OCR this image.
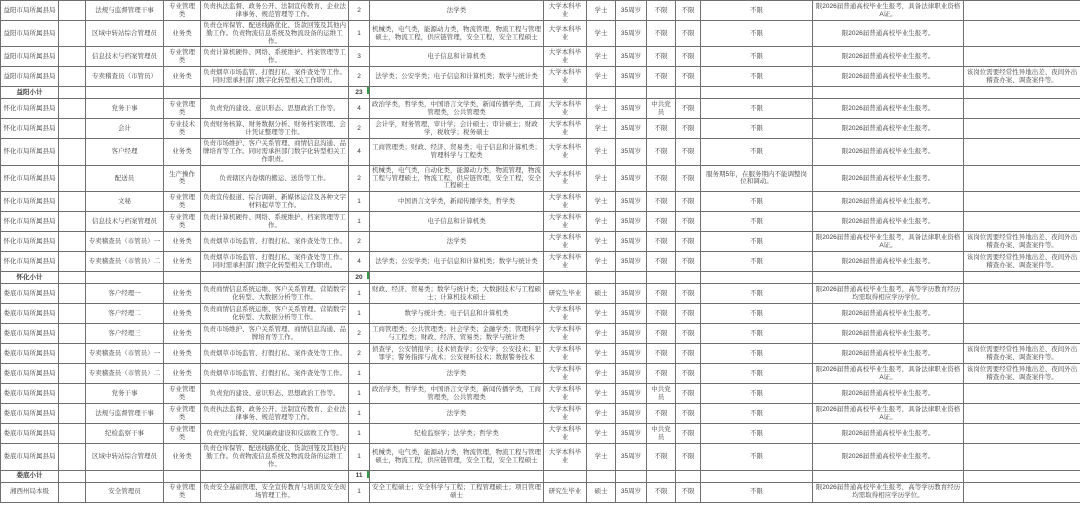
益阳市局所属县局		法规与监督管理干事	专业管理类	负责执法监督、政务公开、法制宣传教育、企业法律事务、规范管理等工作。	2	法学类	大学本科毕业	学士	35周岁	不限	不限	不限	限2026届普通高校毕业生报考，具备法律职业资格A证。	
益阳市局所属县局		区域中转站综合管理员	业务类	负责仓库保管、配送线路优化、货款回笼及其他内勤工作。负责物流信息系统及物流设备的运维工作。	1	机械类，电气类，能源动力类，物流管理，物流工程与管理硕士，物流工程，供应链管理，安全工程，安全工程硕士	大学本科毕业	学士	35周岁	不限	不限	不限	限2026届普通高校毕业生报考。	
益阳市局所属县局		信息技术与档案管理员	专业管理类	负责计算机硬件、网络、系统维护、档案管理等工作。	3	电子信息和计算机类	大学本科毕业	学士	35周岁	不限	不限	不限	限2026届普通高校毕业生报考。	
益阳市局所属县局		专卖稽查员（市管员）	业务类	负责烟草市场监管、打假打私、案件查处等工作。同时需承担部门数字化转型相关工作职责。	2	法学类；公安学类；电子信息和计算机类；数学与统计类	大学本科毕业	学士	35周岁	不限	不限	不限	限2026届普通高校毕业生报考。	该岗位需要经常性异地出差、夜间外出稽查办案、调查案件等。
益阳小计					23									
怀化市局所属县局		党务干事	专业管理类	负责党的建设、意识形态、思想政治工作等。	4	政治学类，哲学类，中国语言文学类，新闻传播学类，工商管理类，公共管理类	大学本科毕业	学士	35周岁	中共党员	不限	不限	限2026届普通高校毕业生报考。	
怀化市局所属县局		会计	专业技术类	负责财务核算、财务数据分析、财务档案管理、会计凭证整理等工作。	2	会计学，财务管理，审计学；会计硕士；审计硕士；财政学，税收学；税务硕士	大学本科毕业	学士	35周岁	不限	不限	不限	限2026届普通高校毕业生报考。	
怀化市局所属县局		客户经理	业务类	负责市场维护、客户关系管理、商情信息沟通、品牌培育等工作。同时需承担部门数字化转型相关工作职责。	4	工商管理类；财政、经济、贸易类；电子信息和计算机类；管理科学与工程类	大学本科毕业	学士	35周岁	不限	不限	不限	限2026届普通高校毕业生报考。	
怀化市局所属县局		配送员	生产操作类	负责辖区内卷烟的搬运、送货等工作。	2	机械类，电气类，自动化类，能源动力类，物流管理，物流工程与管理硕士，物流工程，供应链管理，安全工程，安全工程硕士	大学本科毕业	学士	35周岁	不限	不限	服务期5年，在服务期内不能调整岗位和调动。	限2026届普通高校毕业生报考。	
怀化市局所属县局		文秘	专业管理类	负责宣传报道、综合调研、新媒体运营及各种文字材料起草等工作。	1	中国语言文学类，新闻传播学类，哲学类	大学本科毕业	学士	35周岁	不限	不限	不限	限2026届普通高校毕业生报考。	
怀化市局所属县局		信息技术与档案管理员	专业管理类	负责计算机硬件、网络、系统维护、档案管理等工作。	1	电子信息和计算机类	大学本科毕业	学士	35周岁	不限	不限	不限	限2026届普通高校毕业生报考。	
怀化市局所属县局		专卖稽查员（市管员）一	业务类	负责烟草市场监管、打假打私、案件查处等工作。	2	法学类	大学本科毕业	学士	35周岁	不限	不限	不限	限2026届普通高校毕业生报考，具备法律职业资格A证。	该岗位需要经常性异地出差、夜间外出稽查办案、调查案件等。
怀化市局所属县局		专卖稽查员（市管员）二	业务类	负责烟草市场监管、打假打私、案件查处等工作。同时需承担部门数字化转型相关工作职责。	4	法学类；公安学类；电子信息和计算机类；数学与统计类	大学本科毕业	学士	35周岁	不限	不限	不限	限2026届普通高校毕业生报考。	该岗位需要经常性异地出差、夜间外出稽查办案、调查案件等。
怀化小计					20									
娄底市局所属县局		客户经理一	业务类	负责商情信息系统运维、客户关系管理、营销数字化转型、大数据分析等工作。	1	财政、经济、贸易类；数学与统计类；大数据技术与工程硕士；计算机技术硕士	研究生毕业	硕士	35周岁	不限	不限	不限	限2026届普通高校毕业生报考，高等学历教育经历均需取得相应学历学位。	
娄底市局所属县局		客户经理二	业务类	负责商情信息系统运维、客户关系管理、营销数字化转型、大数据分析等工作。	1	数学与统计类；电子信息和计算机类	大学本科毕业	学士	35周岁	不限	不限	不限	限2026届普通高校毕业生报考。	
娄底市局所属县局		客户经理三	业务类	负责市场维护、客户关系管理、商情信息沟通、品牌培育等工作。	2	工商管理类；公共管理类；社会学类；金融学类；管理科学与工程类；财政、经济、贸易类；数学与统计类	大学本科毕业	学士	35周岁	不限	不限	不限	限2026届普通高校毕业生报考。	
娄底市局所属县局		专卖稽查员（市管员）一	业务类	负责烟草市场监管、打假打私、案件查处等工作。	2	侦查学，公安情报学；技术侦查学；公安学；公安技术；犯罪学；警务指挥与战术；公安视听技术；数据警务技术	大学本科毕业	学士	35周岁	不限	不限	不限	限2026届普通高校毕业生报考。	该岗位需要经常性异地出差、夜间外出稽查办案、调查案件等。
娄底市局所属县局		专卖稽查员（市管员）二	业务类	负责烟草市场监管、打假打私、案件查处等工作。	1	法学类	大学本科毕业	学士	35周岁	不限	不限	不限	限2026届普通高校毕业生报考，具备法律职业资格A证。	该岗位需要经常性异地出差、夜间外出稽查办案、调查案件等。
娄底市局所属县局		党务干事	专业管理类	负责党的建设、意识形态、思想政治工作等。	1	政治学类，哲学类，中国语言文学类，新闻传播学类，工商管理类，公共管理类	大学本科毕业	学士	35周岁	中共党员	不限	不限	限2026届普通高校毕业生报考。	
娄底市局所属县局		法规与监督管理干事	专业管理类	负责执法监督、政务公开、法制宣传教育、企业法律事务、规范管理等工作。	1	法学类	大学本科毕业	学士	35周岁	不限	不限	不限	限2026届普通高校毕业生报考，具备法律职业资格A证。	
娄底市局所属县局		纪检监察干事	专业管理类	负责党内监督、党风廉政建设和反腐败工作等。	1	纪检监察学；法学类；哲学类	大学本科毕业	学士	35周岁	中共党员	不限	不限	限2026届普通高校毕业生报考。	
娄底市局所属县局		区域中转站综合管理员	业务类	负责仓库保管、配送线路优化、货款回笼及其他内勤工作。负责物流信息系统及物流设备的运维工作。	1	机械类，电气类，能源动力类，物流管理，物流工程与管理硕士，物流工程，供应链管理，安全工程，安全工程硕士	大学本科毕业	学士	35周岁	不限	不限	不限	限2026届普通高校毕业生报考。	
娄底小计					11									
湘西州局本级		安全管理员	专业管理类	负责安全基础管理、安全宣传教育与培训及安全现场管理工作。	1	安全工程硕士；安全科学与工程；工程管理硕士；项目管理硕士	研究生毕业	硕士	35周岁	不限	不限	不限	限2026届普通高校毕业生报考，高等学历教育经历均需取得相应学历学位。	
